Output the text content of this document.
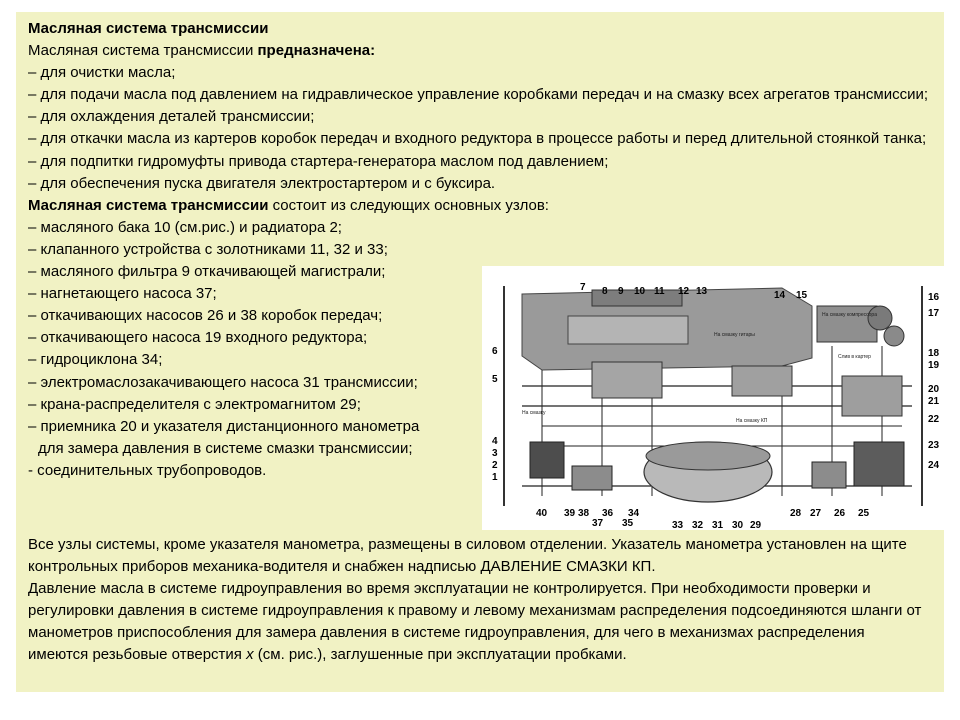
Масляная система трансмиссии
Масляная система трансмиссии предназначена:
– для очистки масла;
– для подачи масла под давлением на гидравлическое управление коробками передач и на смазку всех агрегатов трансмиссии;
– для охлаждения деталей трансмиссии;
– для откачки масла из картеров коробок передач и входного редуктора в процессе работы и перед длительной стоянкой танка;
– для подпитки гидромуфты привода стартера-генератора маслом под давлением;
– для обеспечения пуска двигателя электростартером и с буксира.
Масляная система трансмиссии состоит из следующих основных узлов:
– масляного бака 10 (см.рис.) и радиатора 2;
– клапанного устройства с золотниками 11, 32 и 33;
– масляного фильтра 9 откачивающей магистрали;
– нагнетающего насоса 37;
– откачивающих насосов 26 и 38 коробок передач;
– откачивающего насоса 19 входного редуктора;
– гидроциклона 34;
– электромаслозакачивающего насоса 31 трансмиссии;
– крана-распределителя с электромагнитом 29;
– приемника 20 и указателя дистанционного манометра
для замера давления в системе смазки трансмиссии;
- соединительных трубопроводов.
На смазку гитары
На смазку компрессора
Слив в картер
На смазку КП
На смазку
7 8 9 10 11 12 13	14 15	16
17
18
19
20
21
22
23
24
6
5
4
3
2
1
40 39 38 36
37 35
34
33 32 31 30 29
28 27 26 25
Все узлы системы, кроме указателя манометра, размещены в силовом отделении. Указатель манометра установлен на щите контрольных приборов механика-водителя и снабжен надписью ДАВЛЕНИЕ СМАЗКИ КП.
Давление масла в системе гидроуправления во время эксплуатации не контролируется. При необходимости проверки и регулировки давления в системе гидроуправления к правому и левому механизмам распределения подсоединяются шланги от манометров приспособления для замера давления в системе гидроуправления, для чего в механизмах распределения имеются резьбовые отверстия х (см. рис.), заглушенные при эксплуатации пробками.
